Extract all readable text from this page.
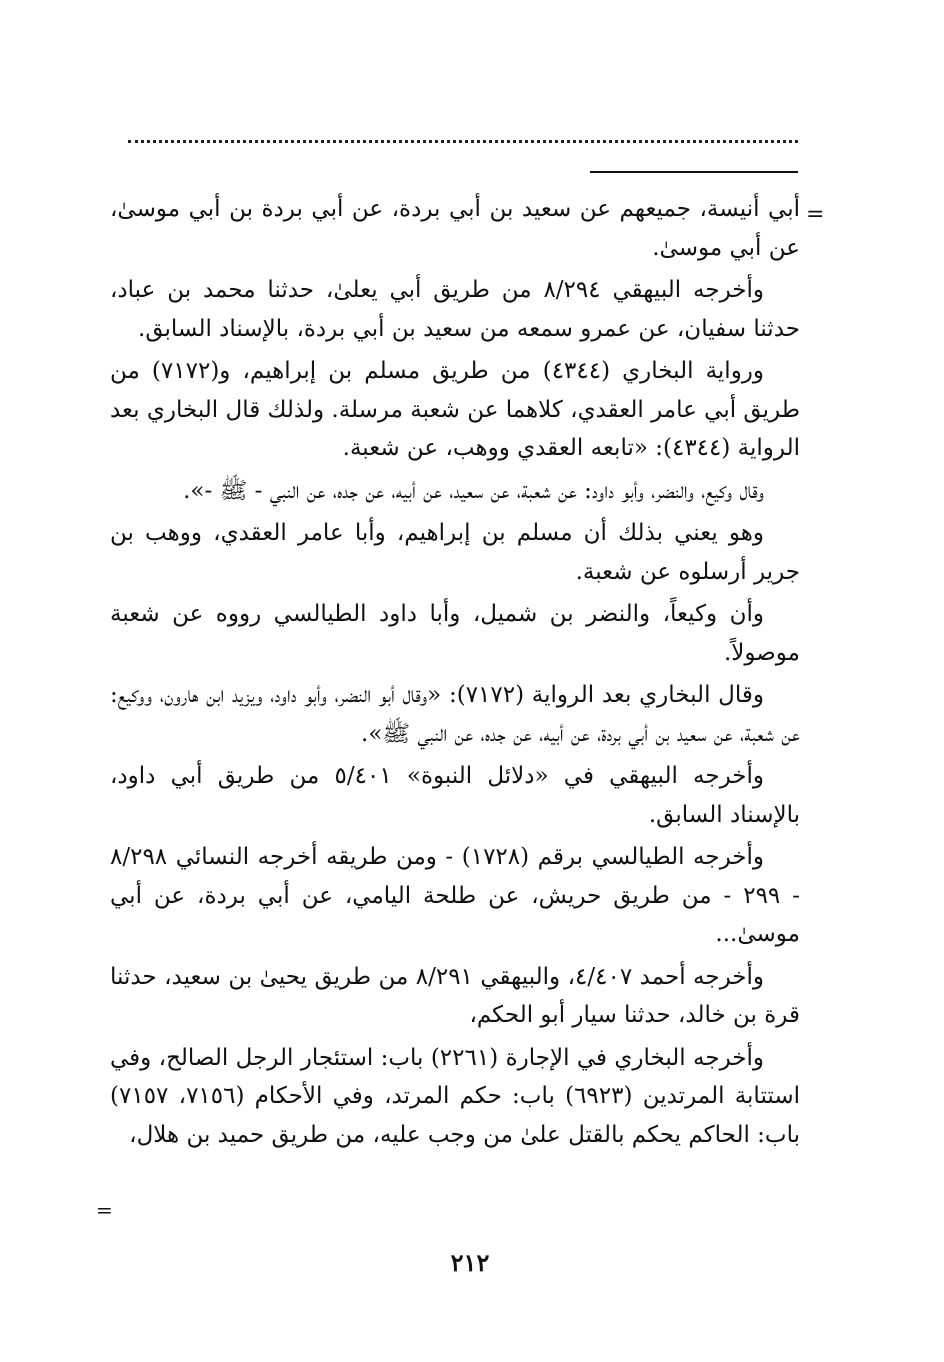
=

أبي أنيسة، جميعهم عن سعيد بن أبي بردة، عن أبي بردة بن أبي موسىٰ، عن أبي موسىٰ.

وأخرجه البيهقي ٨/٢٩٤ من طريق أبي يعلىٰ، حدثنا محمد بن عباد، حدثنا سفيان، عن عمرو سمعه من سعيد بن أبي بردة، بالإسناد السابق.

ورواية البخاري (٤٣٤٤) من طريق مسلم بن إبراهيم، و(٧١٧٢) من طريق أبي عامر العقدي، كلاهما عن شعبة مرسلة. ولذلك قال البخاري بعد الرواية (٤٣٤٤): «تابعه العقدي ووهب، عن شعبة.

وقال وكيع، والنضر، وأبو داود: عن شعبة، عن سعيد، عن أبيه، عن جده، عن النبي - ﷺ -».

وهو يعني بذلك أن مسلم بن إبراهيم، وأبا عامر العقدي، ووهب بن جرير أرسلوه عن شعبة.

وأن وكيعاً، والنضر بن شميل، وأبا داود الطيالسي رووه عن شعبة موصولاً.

وقال البخاري بعد الرواية (٧١٧٢): «وقال أبو النضر، وأبو داود، ويزيد ابن هارون، ووكيع: عن شعبة، عن سعيد بن أبي بردة، عن أبيه، عن جده، عن النبي ﷺ».

وأخرجه البيهقي في «دلائل النبوة» ٥/٤٠١ من طريق أبي داود، بالإسناد السابق.

وأخرجه الطيالسي برقم (١٧٢٨) - ومن طريقه أخرجه النسائي ٨/٢٩٨ - ٢٩٩ - من طريق حريش، عن طلحة اليامي، عن أبي بردة، عن أبي موسىٰ...

وأخرجه أحمد ٤/٤٠٧، والبيهقي ٨/٢٩١ من طريق يحيىٰ بن سعيد، حدثنا قرة بن خالد، حدثنا سيار أبو الحكم،

وأخرجه البخاري في الإجارة (٢٢٦١) باب: استئجار الرجل الصالح، وفي استتابة المرتدين (٦٩٢٣) باب: حكم المرتد، وفي الأحكام (٧١٥٦، ٧١٥٧) باب: الحاكم يحكم بالقتل علىٰ من وجب عليه، من طريق حميد بن هلال،

=
٢١٢
